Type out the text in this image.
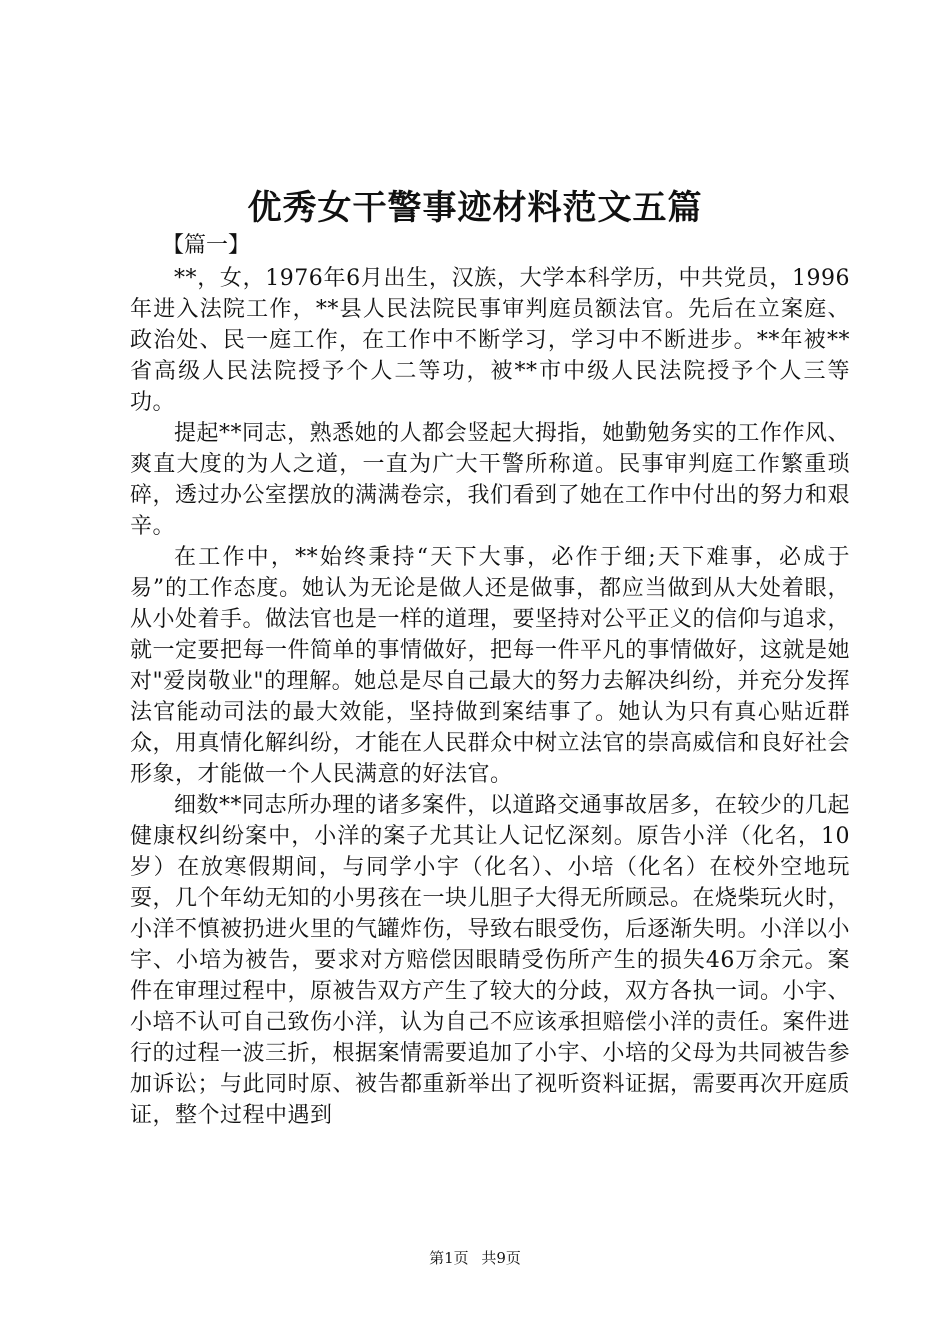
优秀女干警事迹材料范文五篇

【篇一】

**，女，1976年6月出生，汉族，大学本科学历，中共党员，1996年进入法院工作，**县人民法院民事审判庭员额法官。先后在立案庭、政治处、民一庭工作，在工作中不断学习，学习中不断进步。**年被**省高级人民法院授予个人二等功，被**市中级人民法院授予个人三等功。

提起**同志，熟悉她的人都会竖起大拇指，她勤勉务实的工作作风、爽直大度的为人之道，一直为广大干警所称道。民事审判庭工作繁重琐碎，透过办公室摆放的满满卷宗，我们看到了她在工作中付出的努力和艰辛。

在工作中，**始终秉持“天下大事，必作于细;天下难事，必成于易”的工作态度。她认为无论是做人还是做事，都应当做到从大处着眼，从小处着手。做法官也是一样的道理，要坚持对公平正义的信仰与追求，就一定要把每一件简单的事情做好，把每一件平凡的事情做好，这就是她对"爱岗敬业"的理解。她总是尽自己最大的努力去解决纠纷，并充分发挥法官能动司法的最大效能，坚持做到案结事了。她认为只有真心贴近群众，用真情化解纠纷，才能在人民群众中树立法官的崇高威信和良好社会形象，才能做一个人民满意的好法官。

细数**同志所办理的诸多案件，以道路交通事故居多，在较少的几起健康权纠纷案中，小洋的案子尤其让人记忆深刻。原告小洋（化名，10岁）在放寒假期间，与同学小宇（化名）、小培（化名）在校外空地玩耍，几个年幼无知的小男孩在一块儿胆子大得无所顾忌。在烧柴玩火时，小洋不慎被扔进火里的气罐炸伤，导致右眼受伤，后逐渐失明。小洋以小宇、小培为被告，要求对方赔偿因眼睛受伤所产生的损失46万余元。案件在审理过程中，原被告双方产生了较大的分歧，双方各执一词。小宇、小培不认可自己致伤小洋，认为自己不应该承担赔偿小洋的责任。案件进行的过程一波三折，根据案情需要追加了小宇、小培的父母为共同被告参加诉讼；与此同时原、被告都重新举出了视听资料证据，需要再次开庭质证，整个过程中遇到

第1页 共9页
